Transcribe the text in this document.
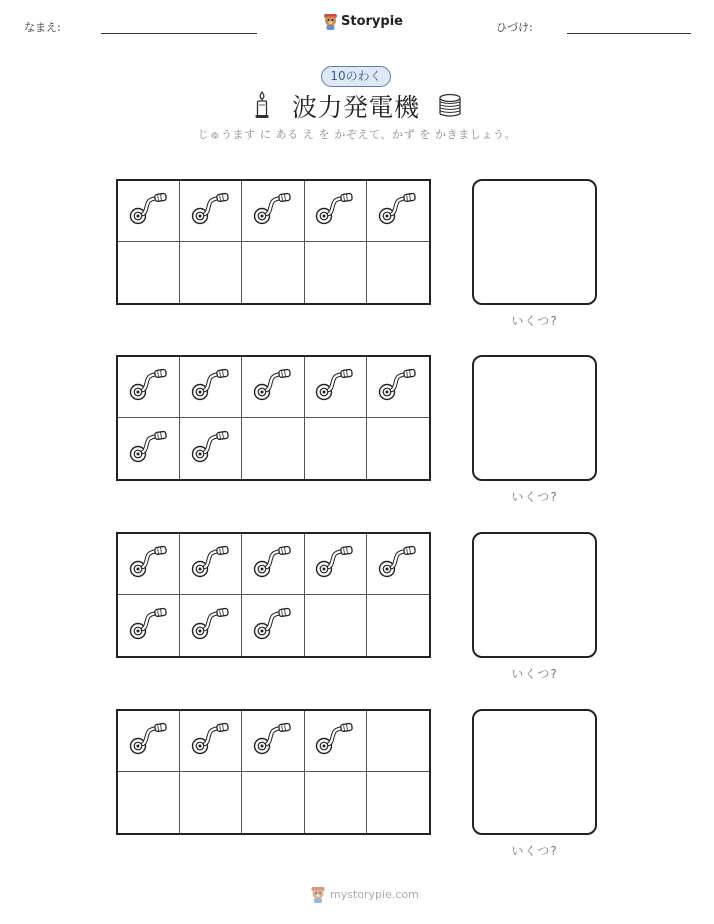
なまえ:	Storypie	ひづけ:
10のわく
波力発電機
じゅうます に ある え を かぞえて、かず を かきましょう。
いくつ?
いくつ?
いくつ?
いくつ?
mystorypie.com
